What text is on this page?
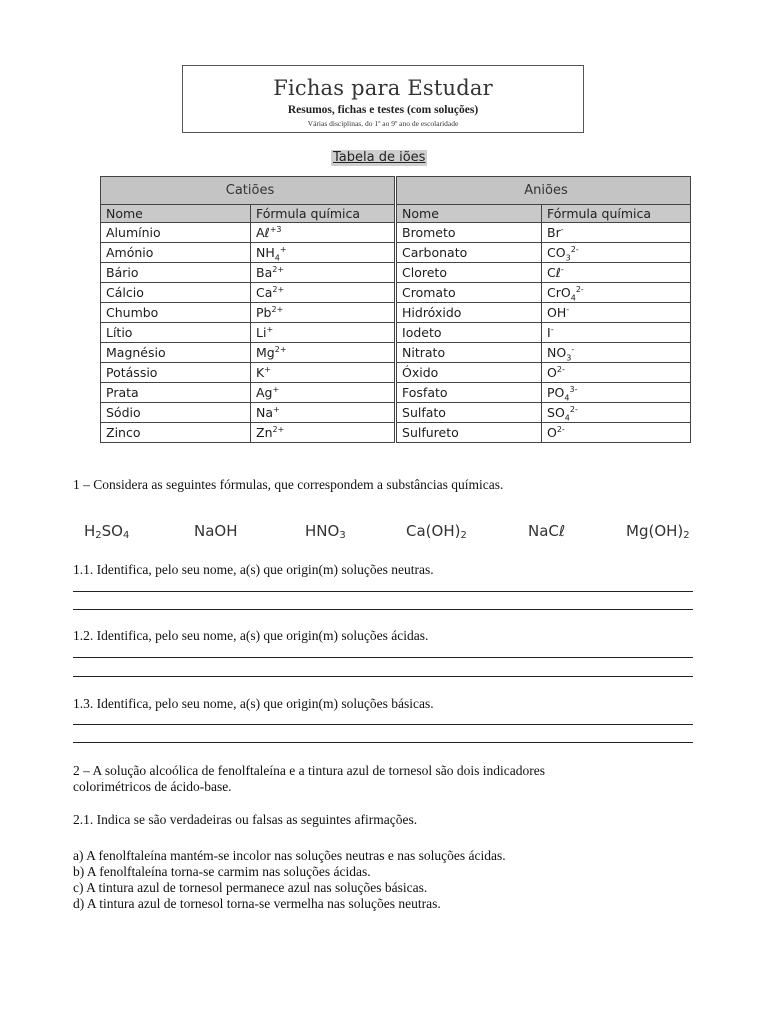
Fichas para Estudar
Resumos, fichas e testes (com soluções)
Várias disciplinas, do 1º ao 9º ano de escolaridade
Tabela de iões
Catiões		Aniões	
Nome	Fórmula química	Nome	Fórmula química
Alumínio	Aℓ$^{+3}$	Brometo	Br-
Amónio	$NH_4^+$	Carbonato	$CO_3^{2-}$
Bário	$Ba^{2+}$	Cloreto	Cℓ-
Cálcio	$Ca^{2+}$	Cromato	CrO$_4^{2-}$
Chumbo	$Pb^{2+}$	Hidróxido	OH-
Lítio	Li+	Iodeto	I-
Magnésio	$Mg^{2+}$	Nitrato	$NO_3^-$
Potássio	K+	Óxido	$O^{2-}$
Prata	Ag+	Fosfato	$PO_4^{3-}$
Sódio	Na+	Sulfato	$SO_4^{2-}$
Zinco	$Zn^{2+}$	Sulfureto	$O^{2-}$
1 – Considera as seguintes fórmulas, que correspondem a substâncias químicas.
H2SO4	NaOH	HNO3	Ca(OH)2	NaCℓ	Mg(OH)2
1.1. Identifica, pelo seu nome, a(s) que origin(m) soluções neutras.
1.2. Identifica, pelo seu nome, a(s) que origin(m) soluções ácidas.
1.3. Identifica, pelo seu nome, a(s) que origin(m) soluções básicas.
2 – A solução alcoólica de fenolftaleína e a tintura azul de tornesol são dois indicadores
colorimétricos de ácido-base.
2.1. Indica se são verdadeiras ou falsas as seguintes afirmações.
a) A fenolftaleína mantém-se incolor nas soluções neutras e nas soluções ácidas.
b) A fenolftaleína torna-se carmim nas soluções ácidas.
c) A tintura azul de tornesol permanece azul nas soluções básicas.
d) A tintura azul de tornesol torna-se vermelha nas soluções neutras.
